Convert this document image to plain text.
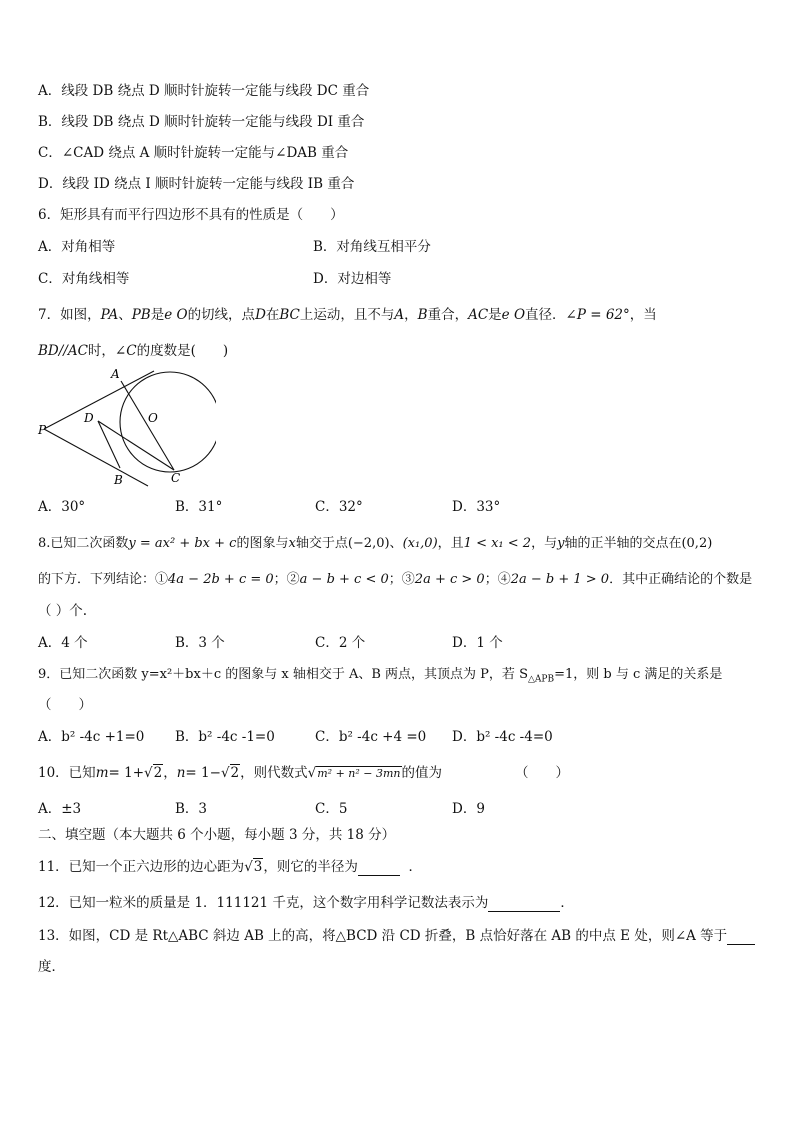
A．线段 DB 绕点 D 顺时针旋转一定能与线段 DC 重合
B．线段 DB 绕点 D 顺时针旋转一定能与线段 DI 重合
C．∠CAD 绕点 A 顺时针旋转一定能与∠DAB 重合
D．线段 ID 绕点 I 顺时针旋转一定能与线段 IB 重合
6．矩形具有而平行四边形不具有的性质是（　　）
A．对角相等	B．对角线互相平分
C．对角线相等	D．对边相等
7．如图，PA、PB是e O的切线，点D在BC上运动，且不与A，B重合，AC是e O直径．∠P = 62°，当
BD//AC时，∠C的度数是(　　)
P
A
B	C
D	O
A．30°	B．31°	C．32°	D．33°
8.已知二次函数y = ax² + bx + c的图象与x轴交于点(−2,0)、(x₁,0)，且1 < x₁ < 2，与y轴的正半轴的交点在(0,2)
的下方．下列结论：①4a − 2b + c = 0；②a − b + c < 0；③2a + c > 0；④2a − b + 1 > 0．其中正确结论的个数是
（ ）个.
A．4 个	B．3 个	C．2 个	D．1 个
9．已知二次函数 y=x²＋bx＋c 的图象与 x 轴相交于 A、B 两点，其顶点为 P，若 $S_{\triangle APB}=1$，则 b 与 c 满足的关系是
（　　）
A．b² -4c +1=0 B．b² -4c -1=0	C．b² -4c +4 =0 D．b² -4c -4=0
10．已知m= 1+√2，n= 1−√2，则代数式√m² + n² − 3mn的值为	（　　）
A．±3	B．3	C．5	D．9
二、填空题（本大题共 6 个小题，每小题 3 分，共 18 分）
11．已知一个正六边形的边心距为√3，则它的半径为	．
12．已知一粒米的质量是 1．111121 千克，这个数字用科学记数法表示为	．
13．如图，CD 是 Rt△ABC 斜边 AB 上的高，将△BCD 沿 CD 折叠，B 点恰好落在 AB 的中点 E 处，则∠A 等于
度．
